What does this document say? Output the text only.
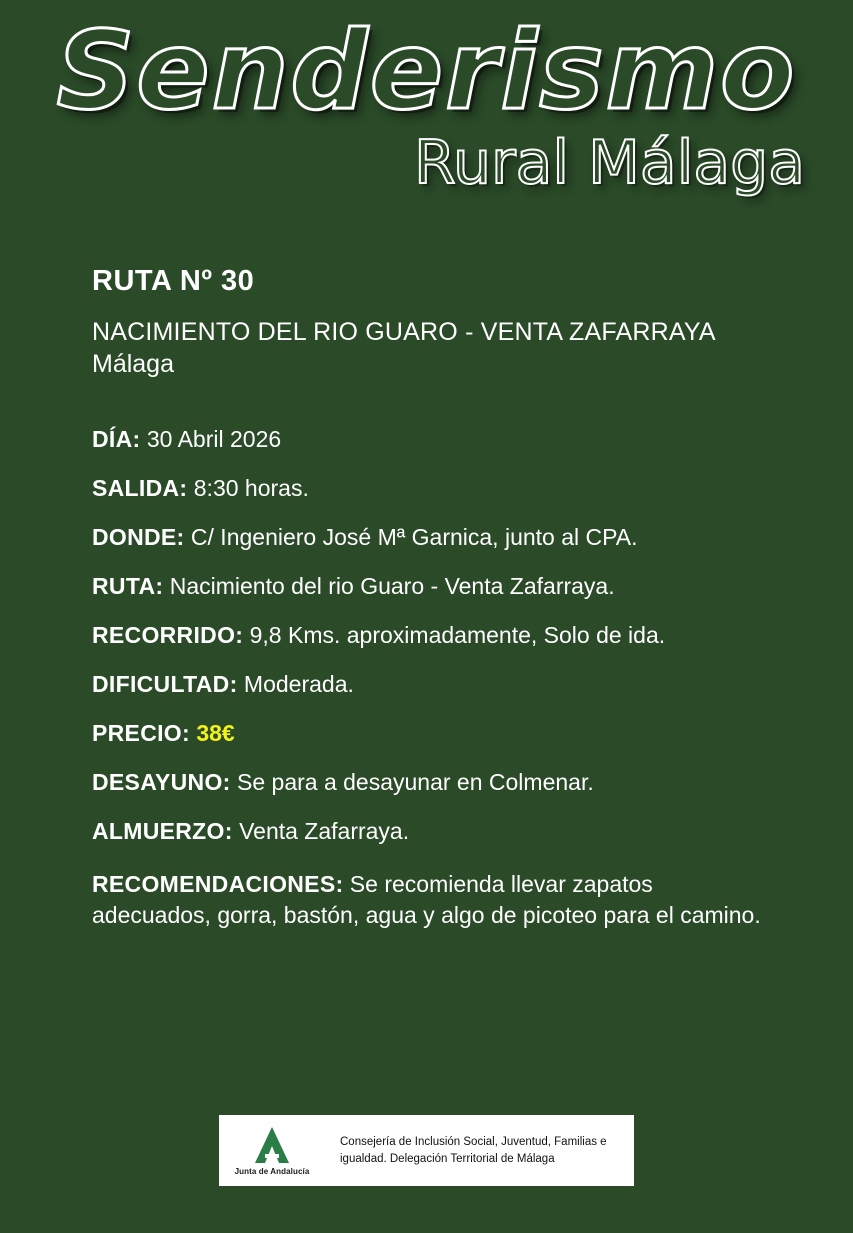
Senderismo
Rural Málaga
RUTA Nº 30
NACIMIENTO DEL RIO GUARO - VENTA ZAFARRAYA
Málaga
DÍA: 30 Abril 2026
SALIDA: 8:30 horas.
DONDE: C/ Ingeniero José Mª Garnica, junto al CPA.
RUTA: Nacimiento del rio Guaro - Venta Zafarraya.
RECORRIDO: 9,8 Kms. aproximadamente, Solo de ida.
DIFICULTAD: Moderada.
PRECIO: 38€
DESAYUNO: Se para a desayunar en Colmenar.
ALMUERZO: Venta Zafarraya.
RECOMENDACIONES: Se recomienda llevar zapatos adecuados, gorra, bastón, agua y algo de picoteo para el camino.
Junta de Andalucía
Consejería de Inclusión Social, Juventud, Familias e igualdad. Delegación Territorial de Málaga
